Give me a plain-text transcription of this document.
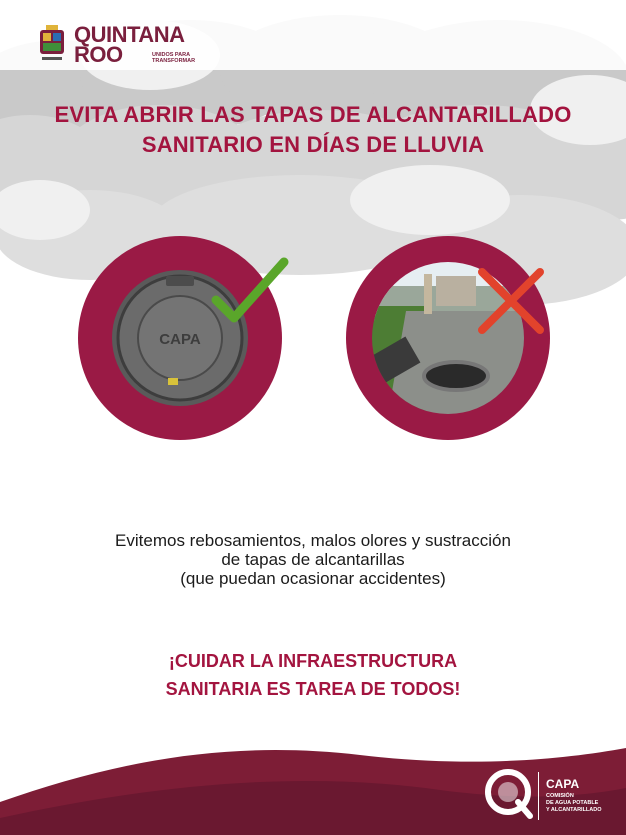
QUINTANA
ROO	UNIDOS PARA
TRANSFORMAR
EVITA ABRIR LAS TAPAS DE ALCANTARILLADO
SANITARIO EN DÍAS DE LLUVIA
CAPA
Evitemos rebosamientos, malos olores y sustracción
de tapas de alcantarillas
(que puedan ocasionar accidentes)
¡CUIDAR LA INFRAESTRUCTURA
SANITARIA ES TAREA DE TODOS!
CAPA
COMISIÓN
DE AGUA POTABLE
Y ALCANTARILLADO
